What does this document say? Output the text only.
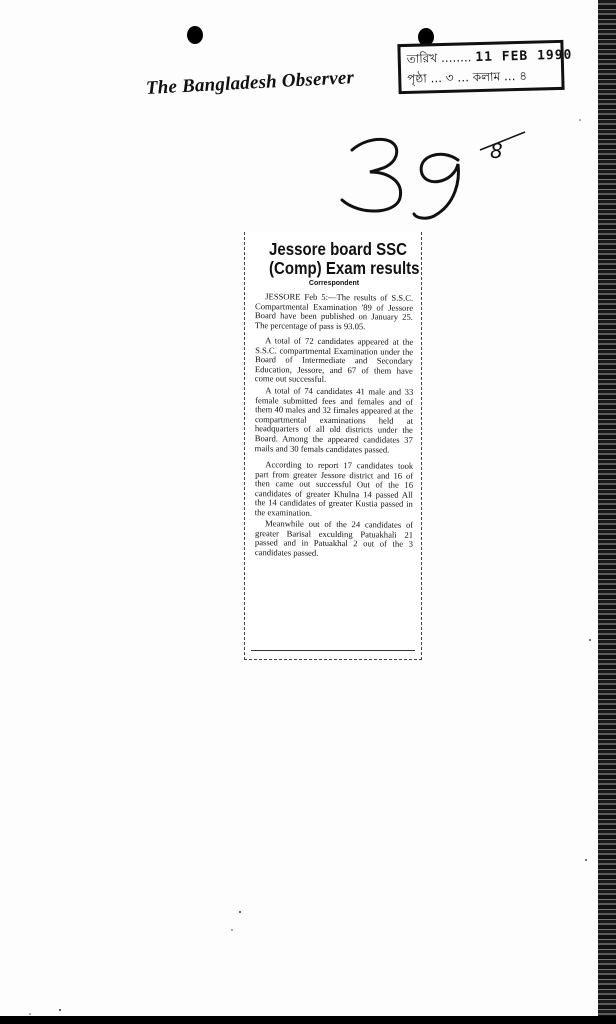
The Bangladesh Observer
তারিখ ........ 11 FEB 1990
পৃষ্ঠা ... ৩ ... কলাম ... ৪
8
Jessore board SSC (Comp) Exam results
Correspondent

JESSORE Feb 5:—The results of S.S.C. Compartmental Examination '89 of Jessore Board have been published on January 25. The percentage of pass is 93.05.

A total of 72 candidates appeared at the S.S.C. compartmental Examination under the Board of Intermediate and Secondary Education, Jessore, and 67 of them have come out successful.

A total of 74 candidates 41 male and 33 female submitted fees and females and of them 40 males and 32 fimales appeared at the compartmental examinations held at headquarters of all old districts under the Board. Among the appeared candidates 37 mails and 30 femals candidates passed.

According to report 17 candidates took part from greater Jessore district and 16 of then came out successful Out of the 16 candidates of greater Khulna 14 passed All the 14 candidates of greater Kustia passed in the examination.

Meanwhile out of the 24 candidates of greater Barisal exculding Patuakhali 21 passed and in Patuakhal 2 out of the 3 candidates passed.
